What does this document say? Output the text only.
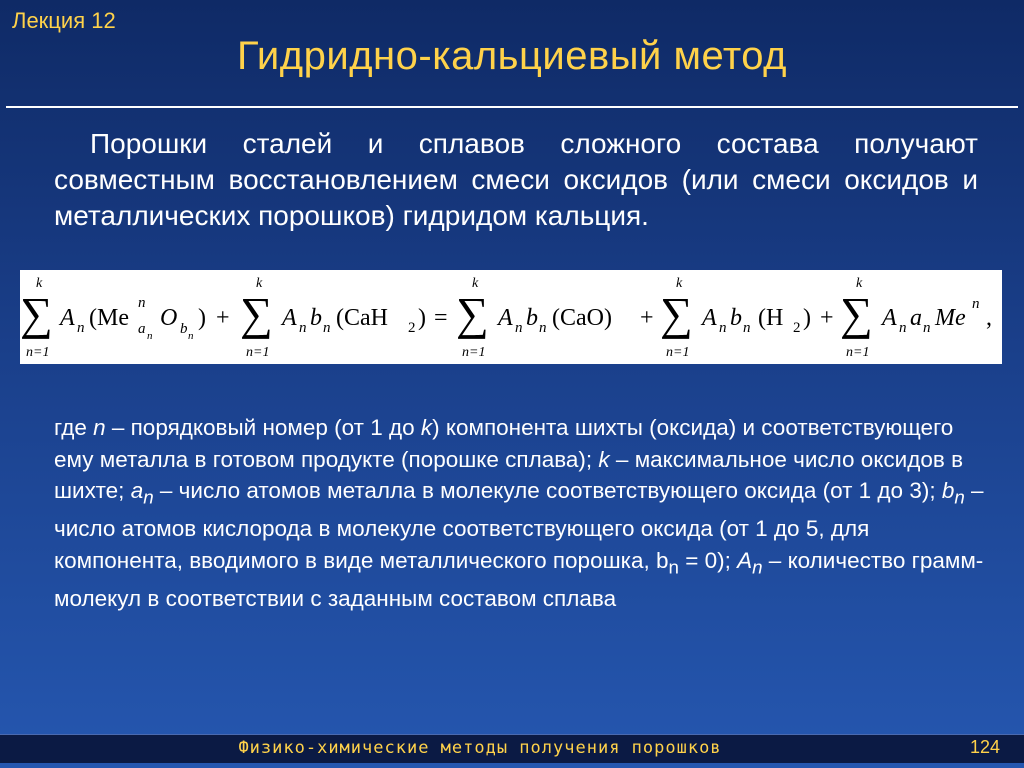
Лекция 12
Гидридно-кальциевый метод
Порошки сталей и сплавов сложного состава получают совместным восстановлением смеси оксидов (или смеси оксидов и металлических порошков) гидридом кальция.
k
∑
n=1
A n (Me
n
a n
O b n
) +
k
∑
n=1
A n b n (CaH 2 ) =
k
∑
n=1
A n b n (CaO) +
k
∑
n=1
A n b n (H 2 ) +
k
∑
n=1
A n a n Me
n
,
где n – порядковый номер (от 1 до k) компонента шихты (оксида) и соответствующего ему металла в готовом продукте (порошке сплава); k – максимальное число оксидов в шихте; $a_n$ – число атомов металла в молекуле соответствующего оксида (от 1 до 3); $b_n$ – число атомов кислорода в молекуле соответствующего оксида (от 1 до 5, для компонента, вводимого в виде металлического порошка, $b_n = 0$); $A_n$ – количество грамм-молекул в соответствии с заданным составом сплава
Физико-химические методы получения порошков	124
